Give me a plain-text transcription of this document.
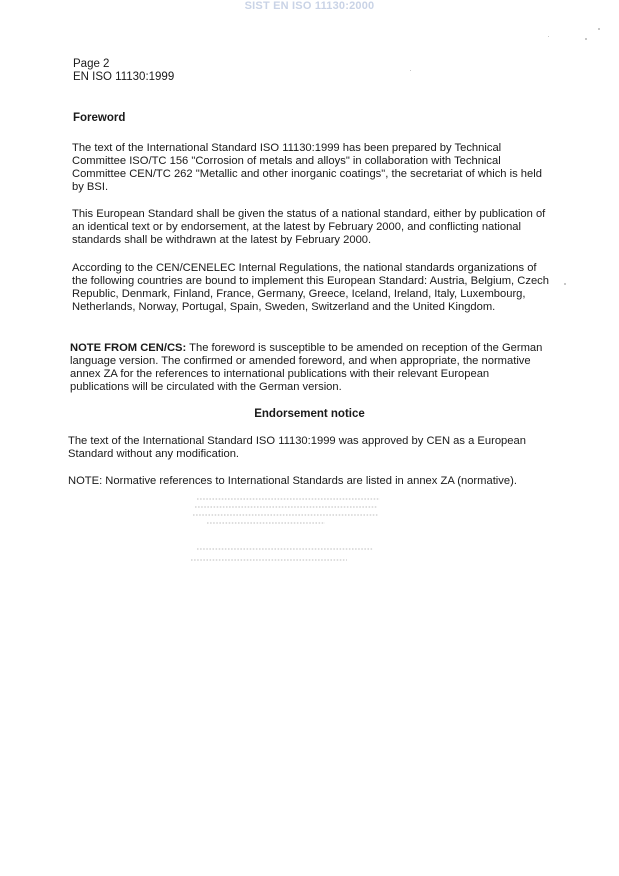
SIST EN ISO 11130:2000
Page 2
EN ISO 11130:1999
Foreword
The text of the International Standard ISO 11130:1999 has been prepared by Technical Committee ISO/TC 156 "Corrosion of metals and alloys" in collaboration with Technical Committee CEN/TC 262 "Metallic and other inorganic coatings", the secretariat of which is held by BSI.
This European Standard shall be given the status of a national standard, either by publication of an identical text or by endorsement, at the latest by February 2000, and conflicting national standards shall be withdrawn at the latest by February 2000.
According to the CEN/CENELEC Internal Regulations, the national standards organizations of the following countries are bound to implement this European Standard: Austria, Belgium, Czech Republic, Denmark, Finland, France, Germany, Greece, Iceland, Ireland, Italy, Luxembourg, Netherlands, Norway, Portugal, Spain, Sweden, Switzerland and the United Kingdom.
NOTE FROM CEN/CS: The foreword is susceptible to be amended on reception of the German language version. The confirmed or amended foreword, and when appropriate, the normative annex ZA for the references to international publications with their relevant European publications will be circulated with the German version.
Endorsement notice
The text of the International Standard ISO 11130:1999 was approved by CEN as a European Standard without any modification.
NOTE: Normative references to International Standards are listed in annex ZA (normative).
